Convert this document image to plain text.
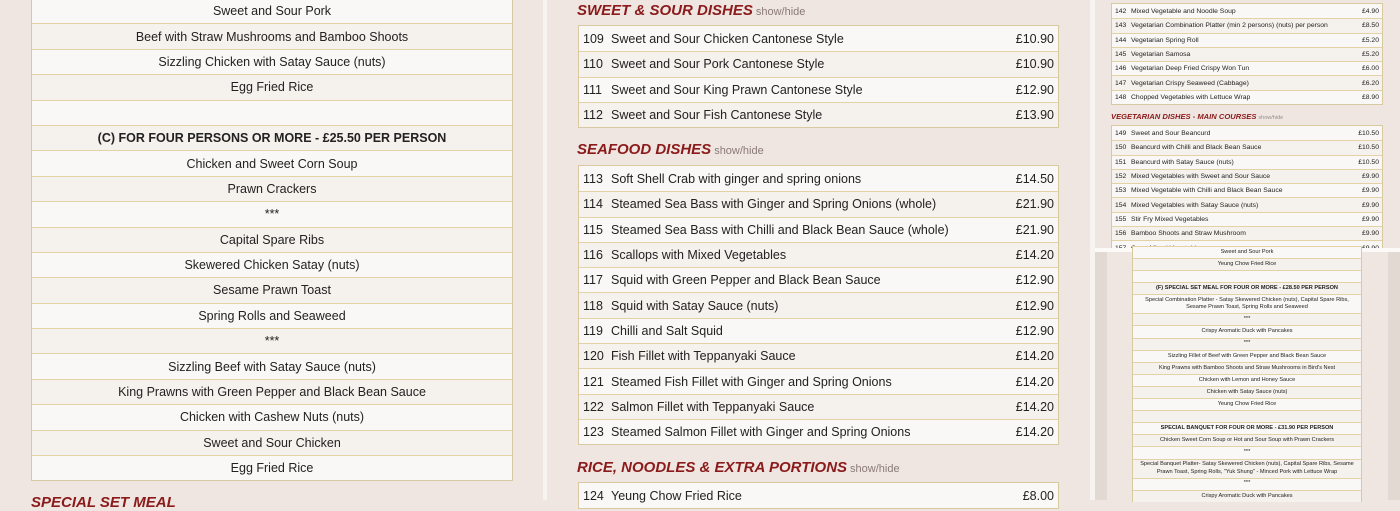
Sweet and Sour Pork
Beef with Straw Mushrooms and Bamboo Shoots
Sizzling Chicken with Satay Sauce (nuts)
Egg Fried Rice
(C) FOR FOUR PERSONS OR MORE - £25.50 PER PERSON
Chicken and Sweet Corn Soup
Prawn Crackers
***
Capital Spare Ribs
Skewered Chicken Satay (nuts)
Sesame Prawn Toast
Spring Rolls and Seaweed
***
Sizzling Beef with Satay Sauce (nuts)
King Prawns with Green Pepper and Black Bean Sauce
Chicken with Cashew Nuts (nuts)
Sweet and Sour Chicken
Egg Fried Rice
SPECIAL SET MEAL
SWEET & SOUR DISHES show/hide
109 Sweet and Sour Chicken Cantonese Style	£10.90
110 Sweet and Sour Pork Cantonese Style	£10.90
111 Sweet and Sour King Prawn Cantonese Style	£12.90
112 Sweet and Sour Fish Cantonese Style	£13.90
SEAFOOD DISHES show/hide
113 Soft Shell Crab with ginger and spring onions	£14.50
114 Steamed Sea Bass with Ginger and Spring Onions (whole)	£21.90
115 Steamed Sea Bass with Chilli and Black Bean Sauce (whole)	£21.90
116 Scallops with Mixed Vegetables	£14.20
117 Squid with Green Pepper and Black Bean Sauce	£12.90
118 Squid with Satay Sauce (nuts)	£12.90
119 Chilli and Salt Squid	£12.90
120 Fish Fillet with Teppanyaki Sauce	£14.20
121 Steamed Fish Fillet with Ginger and Spring Onions	£14.20
122 Salmon Fillet with Teppanyaki Sauce	£14.20
123 Steamed Salmon Fillet with Ginger and Spring Onions	£14.20
RICE, NOODLES & EXTRA PORTIONS show/hide
124 Yeung Chow Fried Rice	£8.00
142 Mixed Vegetable and Noodle Soup	£4.90
143 Vegetarian Combination Platter (min 2 persons) (nuts) per person	£8.50
144 Vegetarian Spring Roll	£5.20
145 Vegetarian Samosa	£5.20
146 Vegetarian Deep Fried Crispy Won Tun	£6.00
147 Vegetarian Crispy Seaweed (Cabbage)	£6.20
148 Chopped Vegetables with Lettuce Wrap	£8.90
VEGETARIAN DISHES - MAIN COURSES show/hide
149 Sweet and Sour Beancurd	£10.50
150 Beancurd with Chilli and Black Bean Sauce	£10.50
151 Beancurd with Satay Sauce (nuts)	£10.50
152 Mixed Vegetables with Sweet and Sour Sauce	£9.90
153 Mixed Vegetable with Chilli and Black Bean Sauce	£9.90
154 Mixed Vegetables with Satay Sauce (nuts)	£9.90
155 Stir Fry Mixed Vegetables	£9.90
156 Bamboo Shoots and Straw Mushroom	£9.90
Sweet and Sour Pork
Yeung Chow Fried Rice
(F) SPECIAL SET MEAL FOR FOUR OR MORE - £28.50 PER PERSON
Special Combination Platter - Satay Skewered Chicken (nuts), Capital Spare Ribs, Sesame Prawn Toast, Spring Rolls and Seaweed
***
Crispy Aromatic Duck with Pancakes
***
Sizzling Fillet of Beef with Green Pepper and Black Bean Sauce
King Prawns with Bamboo Shoots and Straw Mushrooms in Bird's Nest
Chicken with Lemon and Honey Sauce
Chicken with Satay Sauce (nuts)
Yeung Chow Fried Rice
SPECIAL BANQUET FOR FOUR OR MORE - £31.90 PER PERSON
Chicken Sweet Corn Soup or Hot and Sour Soup with Prawn Crackers
***
Special Banquet Platter- Satay Skewered Chicken (nuts), Capital Spare Ribs, Sesame Prawn Toast, Spring Rolls, "Yuk Shung" - Minced Pork with Lettuce Wrap
***
Crispy Aromatic Duck with Pancakes
